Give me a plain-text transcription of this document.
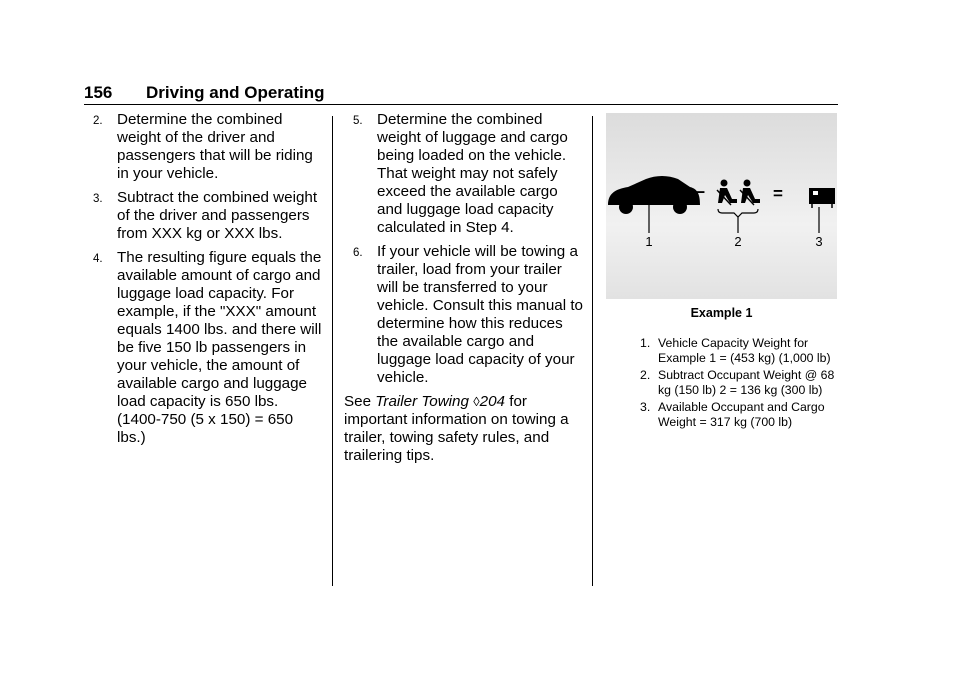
156 Driving and Operating
2. Determine the combined weight of the driver and passengers that will be riding in your vehicle.
3. Subtract the combined weight of the driver and passengers from XXX kg or XXX lbs.
4. The resulting figure equals the available amount of cargo and luggage load capacity. For example, if the "XXX" amount equals 1400 lbs. and there will be five 150 lb passengers in your vehicle, the amount of available cargo and luggage load capacity is 650 lbs. (1400-750 (5 x 150) = 650 lbs.)
5. Determine the combined weight of luggage and cargo being loaded on the vehicle. That weight may not safely exceed the available cargo and luggage load capacity calculated in Step 4.
6. If your vehicle will be towing a trailer, load from your trailer will be transferred to your vehicle. Consult this manual to determine how this reduces the available cargo and luggage load capacity of your vehicle.

See Trailer Towing ◊204 for important information on towing a trailer, towing safety rules, and trailering tips.

1
–
2
=
3
Example 1
1. Vehicle Capacity Weight for Example 1 = (453 kg) (1,000 lb)
2. Subtract Occupant Weight @ 68 kg (150 lb) 2 = 136 kg (300 lb)
3. Available Occupant and Cargo Weight = 317 kg (700 lb)
